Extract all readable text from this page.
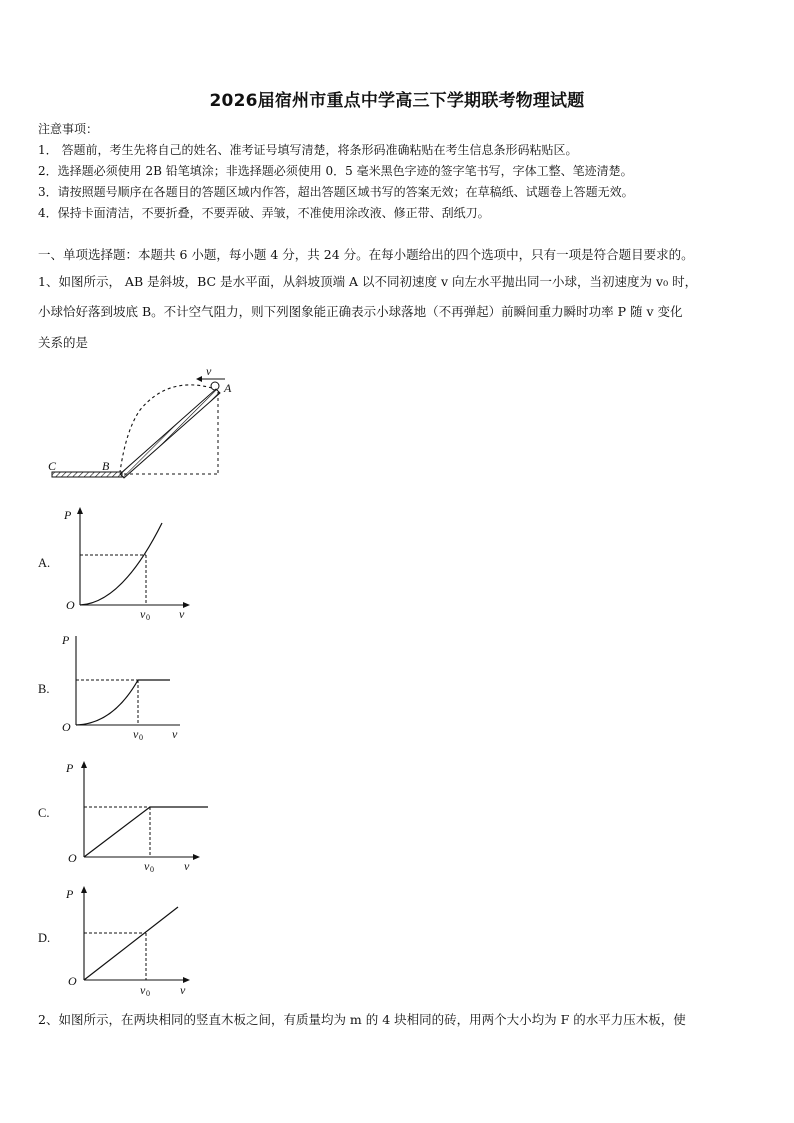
2026届宿州市重点中学高三下学期联考物理试题
注意事项：
1． 答题前，考生先将自己的姓名、准考证号填写清楚，将条形码准确粘贴在考生信息条形码粘贴区。
2．选择题必须使用 2B 铅笔填涂；非选择题必须使用 0．5 毫米黑色字迹的签字笔书写，字体工整、笔迹清楚。
3．请按照题号顺序在各题目的答题区域内作答，超出答题区域书写的答案无效；在草稿纸、试题卷上答题无效。
4．保持卡面清洁，不要折叠，不要弄破、弄皱，不准使用涂改液、修正带、刮纸刀。
一、单项选择题：本题共 6 小题，每小题 4 分，共 24 分。在每小题给出的四个选项中，只有一项是符合题目要求的。
1、如图所示， AB 是斜坡，BC 是水平面，从斜坡顶端 A 以不同初速度 v 向左水平抛出同一小球，当初速度为 v₀ 时，
小球恰好落到坡底 B。不计空气阻力，则下列图象能正确表示小球落地（不再弹起）前瞬间重力瞬时功率 P 随 v 变化
关系的是
v
A
B
C
A.
P
O
v 0 v
B.
P
O	v 0 v
C.
P
O
v 0	v
D.
P
O
v 0	v
2、如图所示，在两块相同的竖直木板之间，有质量均为 m 的 4 块相同的砖，用两个大小均为 F 的水平力压木板，使
